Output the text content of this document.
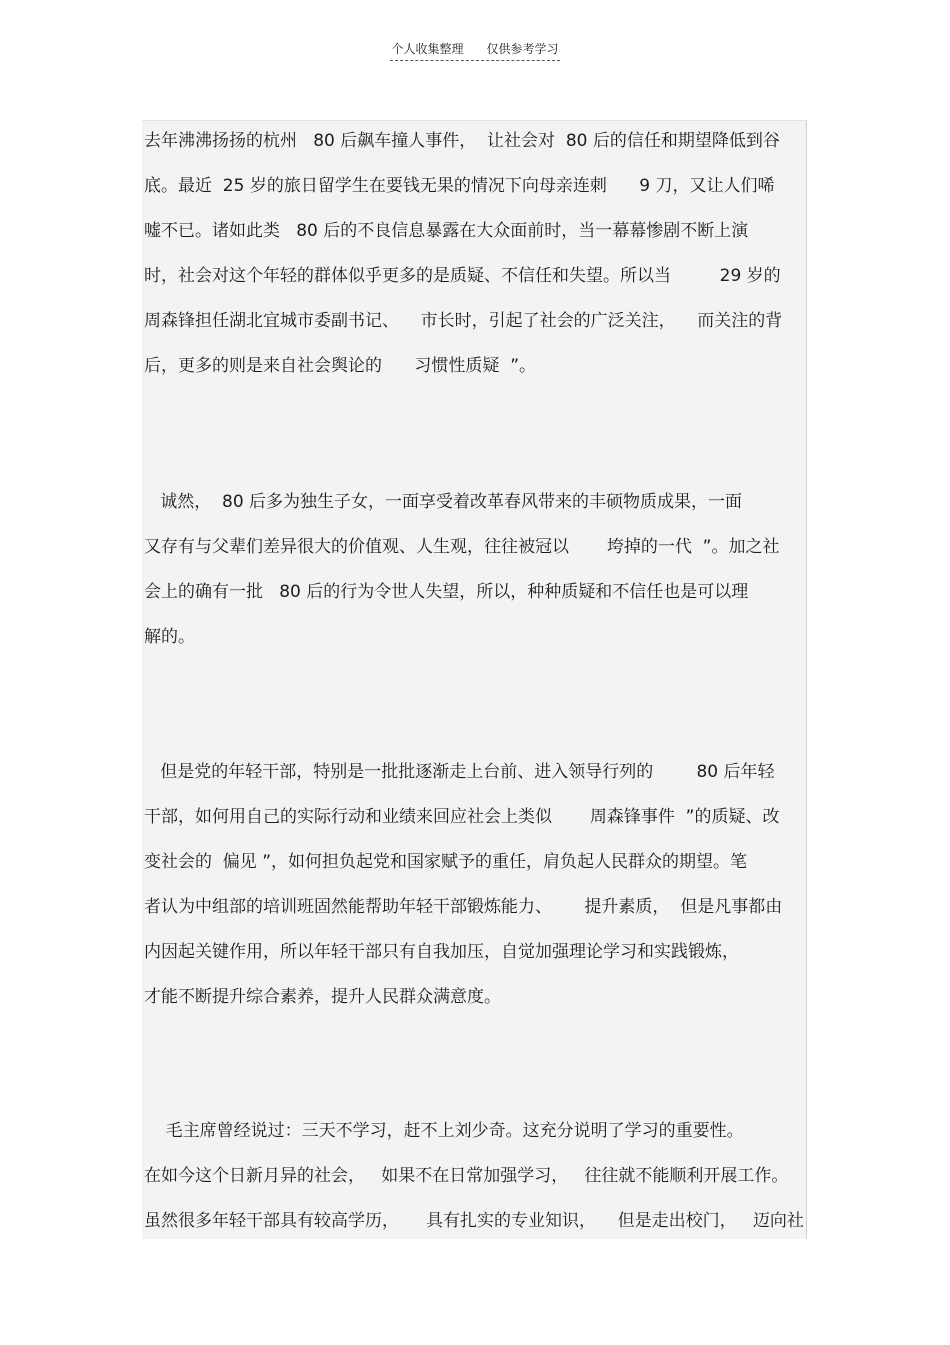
个人收集整理 仅供参考学习
去年沸沸扬扬的杭州   80 后飙车撞人事件，  让社会对  80 后的信任和期望降低到谷
底。最近  25 岁的旅日留学生在要钱无果的情况下向母亲连刺      9 刀，又让人们唏
嘘不已。诸如此类   80 后的不良信息暴露在大众面前时，当一幕幕惨剧不断上演
时，社会对这个年轻的群体似乎更多的是质疑、不信任和失望。所以当         29 岁的
周森锋担任湖北宜城市委副书记、    市长时，引起了社会的广泛关注，    而关注的背
后，更多的则是来自社会舆论的      习惯性质疑  ”。
诚然，  80 后多为独生子女，一面享受着改革春风带来的丰硕物质成果，一面
又存有与父辈们差异很大的价值观、人生观，往往被冠以       垮掉的一代  ”。加之社
会上的确有一批   80 后的行为令世人失望，所以，种种质疑和不信任也是可以理
解的。
但是党的年轻干部，特别是一批批逐渐走上台前、进入领导行列的        80 后年轻
干部，如何用自己的实际行动和业绩来回应社会上类似       周森锋事件  ”的质疑、改
变社会的  偏见 ”，如何担负起党和国家赋予的重任，肩负起人民群众的期望。笔
者认为中组部的培训班固然能帮助年轻干部锻炼能力、      提升素质，  但是凡事都由
内因起关键作用，所以年轻干部只有自我加压，自觉加强理论学习和实践锻炼，
才能不断提升综合素养，提升人民群众满意度。
毛主席曾经说过：三天不学习，赶不上刘少奇。这充分说明了学习的重要性。
在如今这个日新月异的社会，   如果不在日常加强学习，   往往就不能顺利开展工作。
虽然很多年轻干部具有较高学历，     具有扎实的专业知识，    但是走出校门，   迈向社
